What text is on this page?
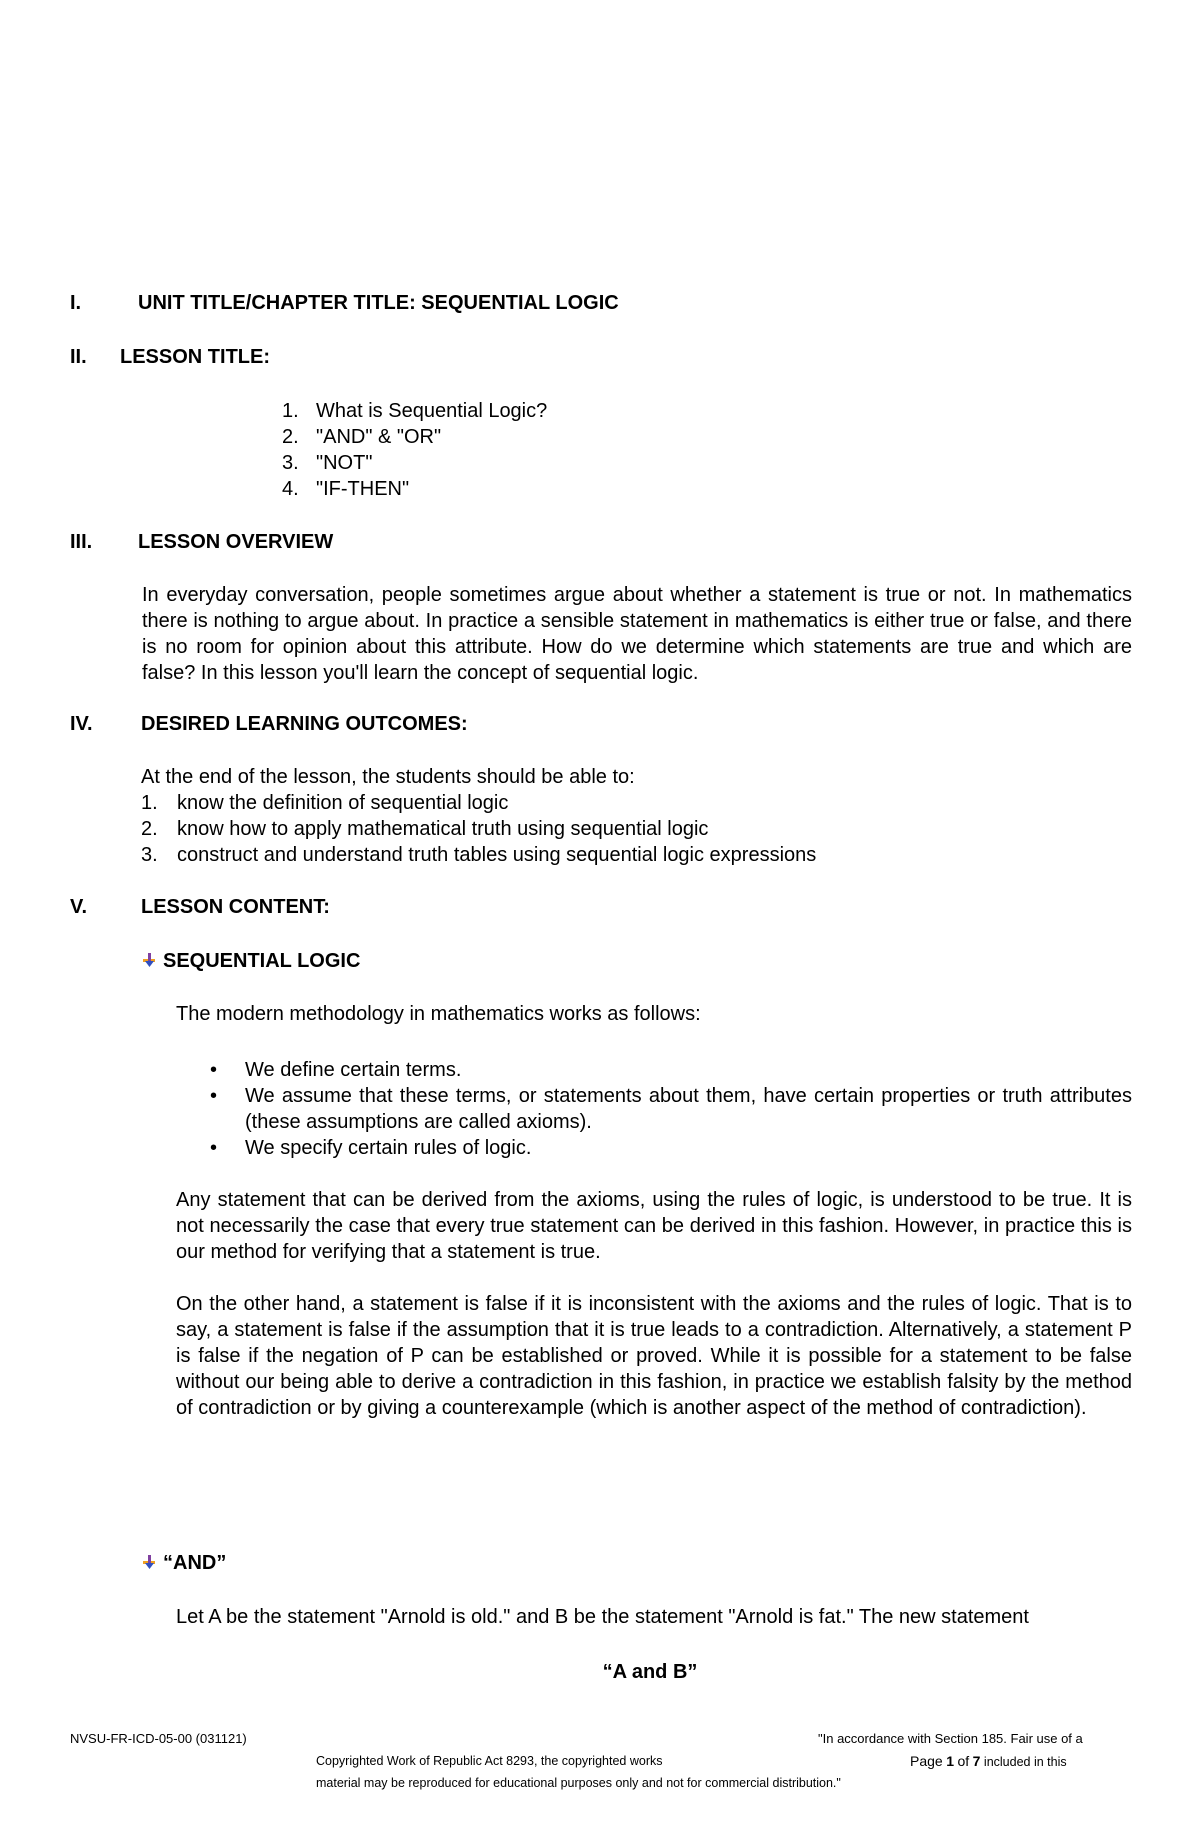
I.	UNIT TITLE/CHAPTER TITLE: SEQUENTIAL LOGIC
II. LESSON TITLE:
1. What is Sequential Logic?
2. "AND" & "OR"
3. "NOT"
4. "IF-THEN"
III. LESSON OVERVIEW
In everyday conversation, people sometimes argue about whether a statement is true or not. In mathematics there is nothing to argue about. In practice a sensible statement in mathematics is either true or false, and there is no room for opinion about this attribute. How do we determine which statements are true and which are false? In this lesson you'll learn the concept of sequential logic.
IV. DESIRED LEARNING OUTCOMES:
At the end of the lesson, the students should be able to:
1. know the definition of sequential logic
2. know how to apply mathematical truth using sequential logic
3. construct and understand truth tables using sequential logic expressions
V.	LESSON CONTENT:
SEQUENTIAL LOGIC
The modern methodology in mathematics works as follows:
• We define certain terms.
• We assume that these terms, or statements about them, have certain properties or truth attributes (these assumptions are called axioms).
• We specify certain rules of logic.
Any statement that can be derived from the axioms, using the rules of logic, is understood to be true. It is not necessarily the case that every true statement can be derived in this fashion. However, in practice this is our method for verifying that a statement is true.
On the other hand, a statement is false if it is inconsistent with the axioms and the rules of logic. That is to say, a statement is false if the assumption that it is true leads to a contradiction. Alternatively, a statement P is false if the negation of P can be established or proved. While it is possible for a statement to be false without our being able to derive a contradiction in this fashion, in practice we establish falsity by the method of contradiction or by giving a counterexample (which is another aspect of the method of contradiction).
“AND”
Let A be the statement "Arnold is old." and B be the statement "Arnold is fat." The new statement
“A and B”
NVSU-FR-ICD-05-00 (031121)	"In accordance with Section 185. Fair use of a
Copyrighted Work of Republic Act 8293, the copyrighted works	Page 1 of 7 included in this
material may be reproduced for educational purposes only and not for commercial distribution."
